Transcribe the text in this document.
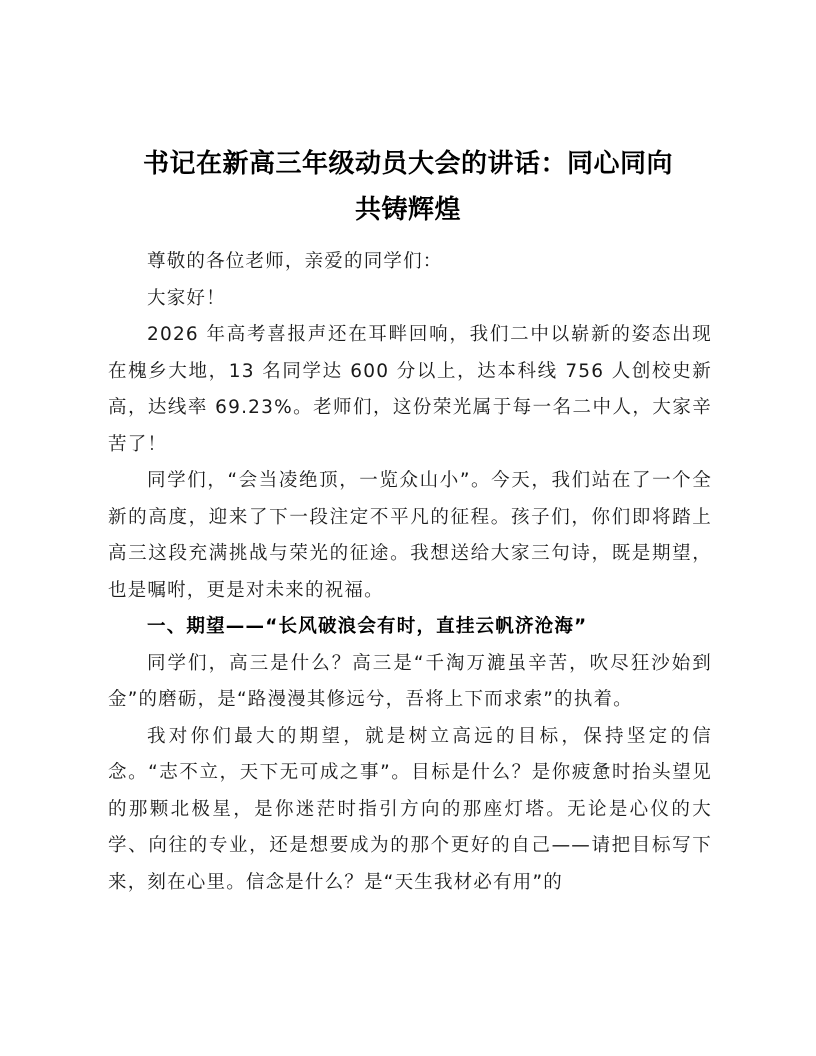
书记在新高三年级动员大会的讲话：同心同向
共铸辉煌

尊敬的各位老师，亲爱的同学们：

大家好！

2026 年高考喜报声还在耳畔回响，我们二中以崭新的姿态出现在槐乡大地，13 名同学达 600 分以上，达本科线 756 人创校史新高，达线率 69.23%。老师们，这份荣光属于每一名二中人，大家辛苦了！

同学们，“会当凌绝顶，一览众山小”。今天，我们站在了一个全新的高度，迎来了下一段注定不平凡的征程。孩子们，你们即将踏上高三这段充满挑战与荣光的征途。我想送给大家三句诗，既是期望，也是嘱咐，更是对未来的祝福。

一、期望——“长风破浪会有时，直挂云帆济沧海”

同学们，高三是什么？高三是“千淘万漉虽辛苦，吹尽狂沙始到金”的磨砺，是“路漫漫其修远兮，吾将上下而求索”的执着。

我对你们最大的期望，就是树立高远的目标，保持坚定的信念。“志不立，天下无可成之事”。目标是什么？是你疲惫时抬头望见的那颗北极星，是你迷茫时指引方向的那座灯塔。无论是心仪的大学、向往的专业，还是想要成为的那个更好的自己——请把目标写下来，刻在心里。信念是什么？是“天生我材必有用”的
